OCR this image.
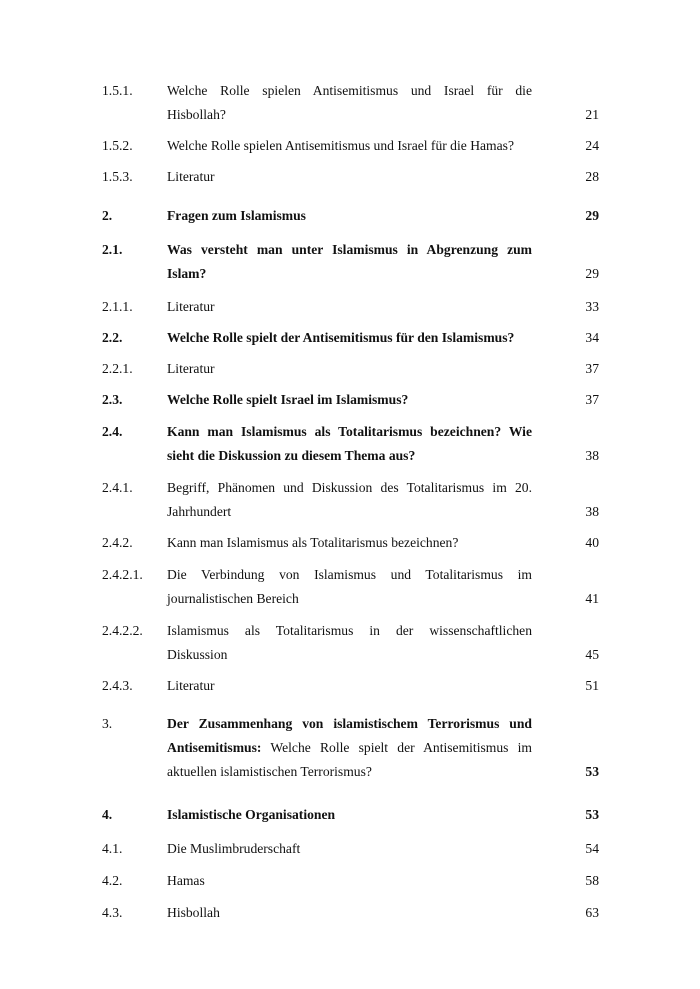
1.5.1.	Welche Rolle spielen Antisemitismus und Israel für die
Hisbollah?	21
1.5.2.	Welche Rolle spielen Antisemitismus und Israel für die Hamas?	24
1.5.3.	Literatur	28
2.	Fragen zum Islamismus	29
2.1.	Was versteht man unter Islamismus in Abgrenzung zum
Islam?	29
2.1.1.	Literatur	33
2.2.	Welche Rolle spielt der Antisemitismus für den Islamismus?	34
2.2.1.	Literatur	37
2.3.	Welche Rolle spielt Israel im Islamismus?	37
2.4.	Kann man Islamismus als Totalitarismus bezeichnen? Wie
sieht die Diskussion zu diesem Thema aus?	38
2.4.1.	Begriff, Phänomen und Diskussion des Totalitarismus im 20.
Jahrhundert	38
2.4.2.	Kann man Islamismus als Totalitarismus bezeichnen?	40
2.4.2.1. Die Verbindung von Islamismus und Totalitarismus im
journalistischen Bereich	41
2.4.2.2. Islamismus als Totalitarismus in der wissenschaftlichen
Diskussion	45
2.4.3.	Literatur	51
3.	Der Zusammenhang von islamistischem Terrorismus und
Antisemitismus: Welche Rolle spielt der Antisemitismus im
aktuellen islamistischen Terrorismus?	53
4.	Islamistische Organisationen	53
4.1.	Die Muslimbruderschaft	54
4.2.	Hamas	58
4.3.	Hisbollah	63
